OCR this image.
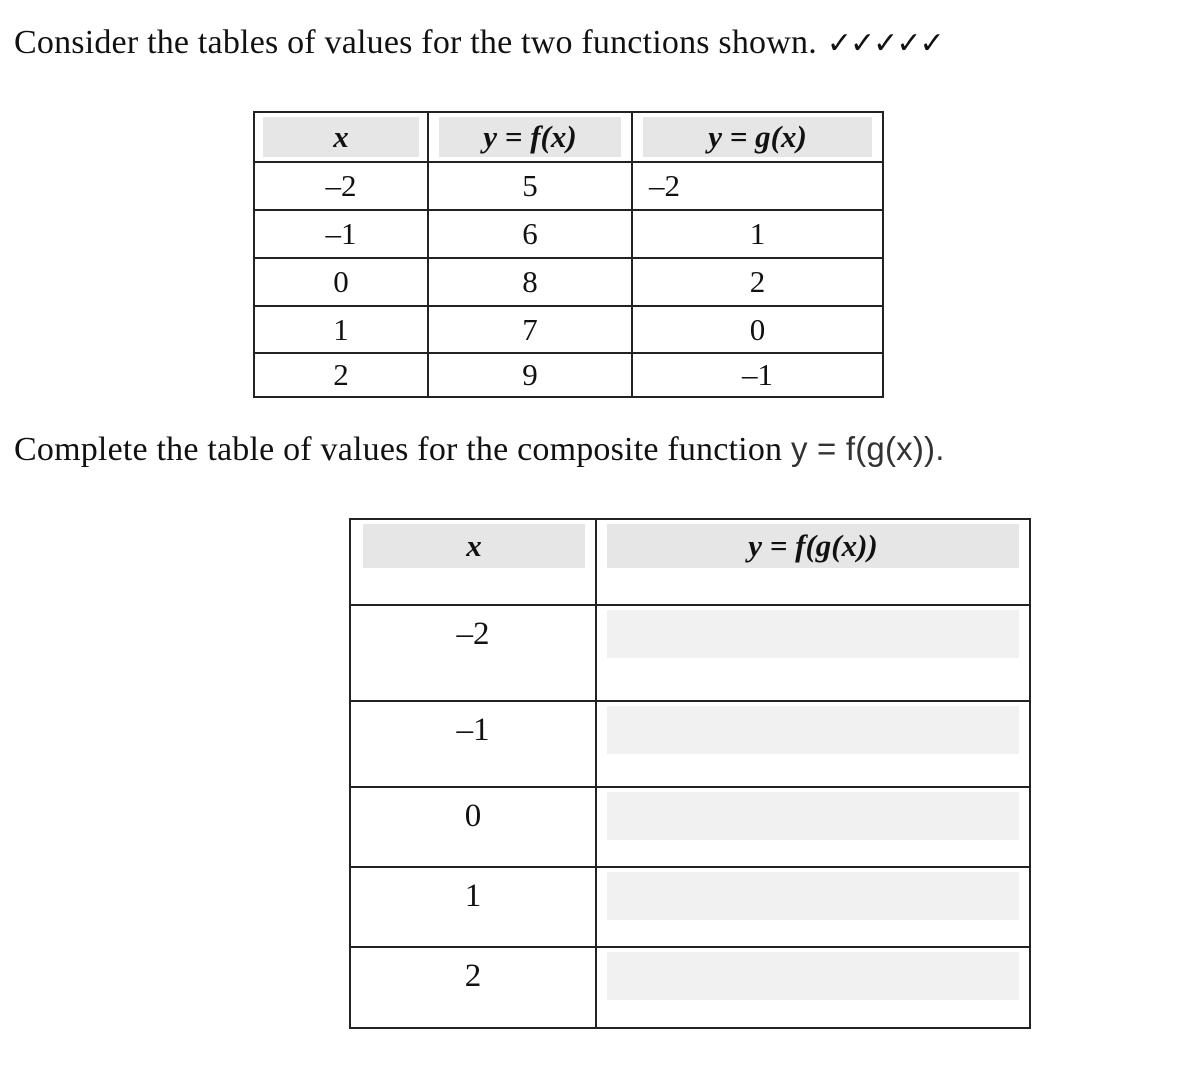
Consider the tables of values for the two functions shown. ✓✓✓✓✓
x	y = f(x)	y = g(x)
–2	5	–2
–1	6	1
0	8	2
1	7	0
2	9	–1
Complete the table of values for the composite function y = f(g(x)).
x	y = f(g(x))
–2
–1
0
1
2
